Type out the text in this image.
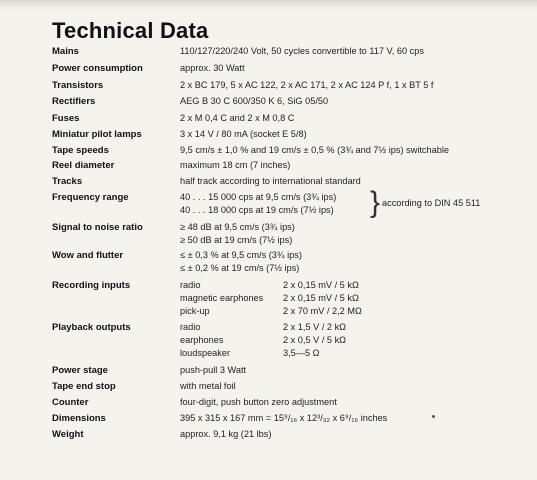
Technical Data
Mains	110/127/220/240 Volt, 50 cycles convertible to 117 V, 60 cps
Power consumption	approx. 30 Watt
Transistors	2 x BC 179, 5 x AC 122, 2 x AC 171, 2 x AC 124 P f, 1 x BT 5 f
Rectifiers	AEG B 30 C 600/350 K 6, SiG 05/50
Fuses	2 x M 0,4 C and 2 x M 0,8 C
Miniatur pilot lamps	3 x 14 V / 80 mA (socket E 5/8)
Tape speeds	9,5 cm/s ± 1,0 % and 19 cm/s ± 0,5 % (3¾ and 7½ ips) switchable
Reel diameter	maximum 18 cm (7 inches)
Tracks	half track according to international standard
Frequency range	40 . . . 15 000 cps at 9,5 cm/s (3¾ ips)
40 . . . 18 000 cps at 19 cm/s (7½ ips) } according to DIN 45 511
Signal to noise ratio	≥ 48 dB at 9,5 cm/s (3¾ ips)
≥ 50 dB at 19 cm/s (7½ ips)
Wow and flutter	≤ ± 0,3 % at 9,5 cm/s (3¾ ips)
≤ ± 0,2 % at 19 cm/s (7½ ips)
Recording inputs	radio	2 x 0,15 mV / 5 kΩ
magnetic earphones 2 x 0,15 mV / 5 kΩ
pick-up	2 x 70 mV / 2,2 MΩ
Playback outputs	radio	2 x 1,5 V / 2 kΩ
earphones	2 x 0,5 V / 5 kΩ
loudspeaker	3,5—5 Ω
Power stage	push-pull 3 Watt
Tape end stop	with metal foil
Counter	four-digit, push button zero adjustment
Dimensions	395 x 315 x 167 mm = 15⁹/₁₆ x 12³/₃₂ x 6⁹/₁₆ inches
Weight	approx. 9,1 kg (21 lbs)
